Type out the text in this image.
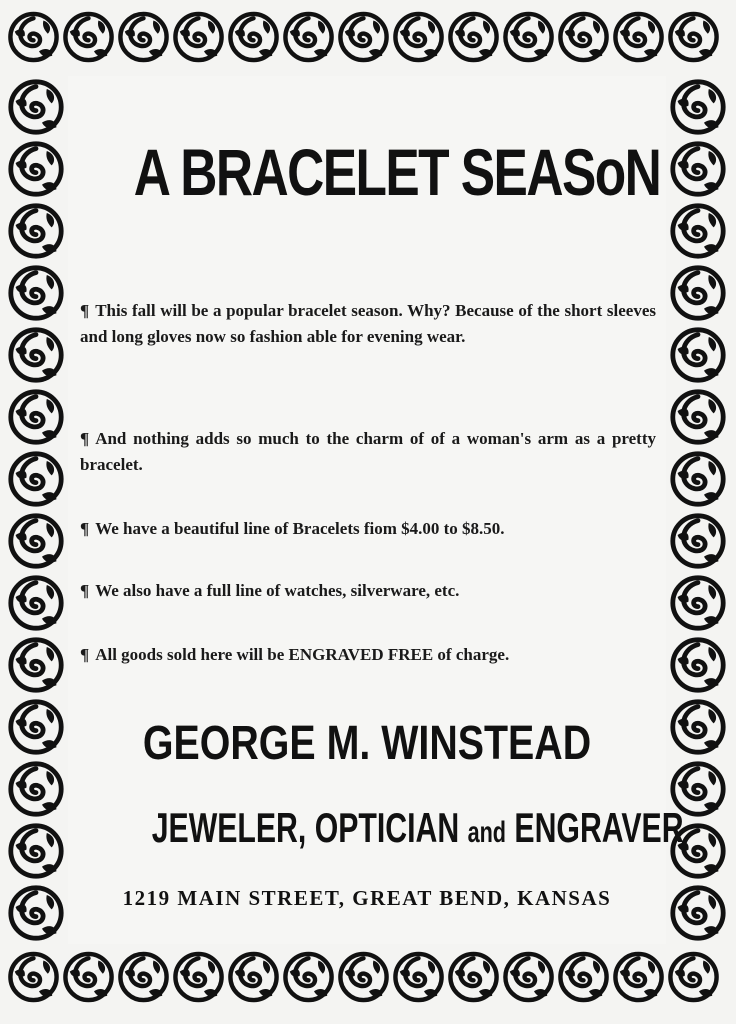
A BRACELET SEASoN
¶ This fall will be a popular bracelet season. Why? Because of the short sleeves and long gloves now so fashion able for evening wear.
¶ And nothing adds so much to the charm of of a woman's arm as a pretty bracelet.
¶ We have a beautiful line of Bracelets fiom $4.00 to $8.50.
¶ We also have a full line of watches, silverware, etc.
¶ All goods sold here will be ENGRAVED FREE of charge.
GEORGE M. WINSTEAD
JEWELER, OPTICIAN and ENGRAVER
1219 MAIN STREET, GREAT BEND, KANSAS
